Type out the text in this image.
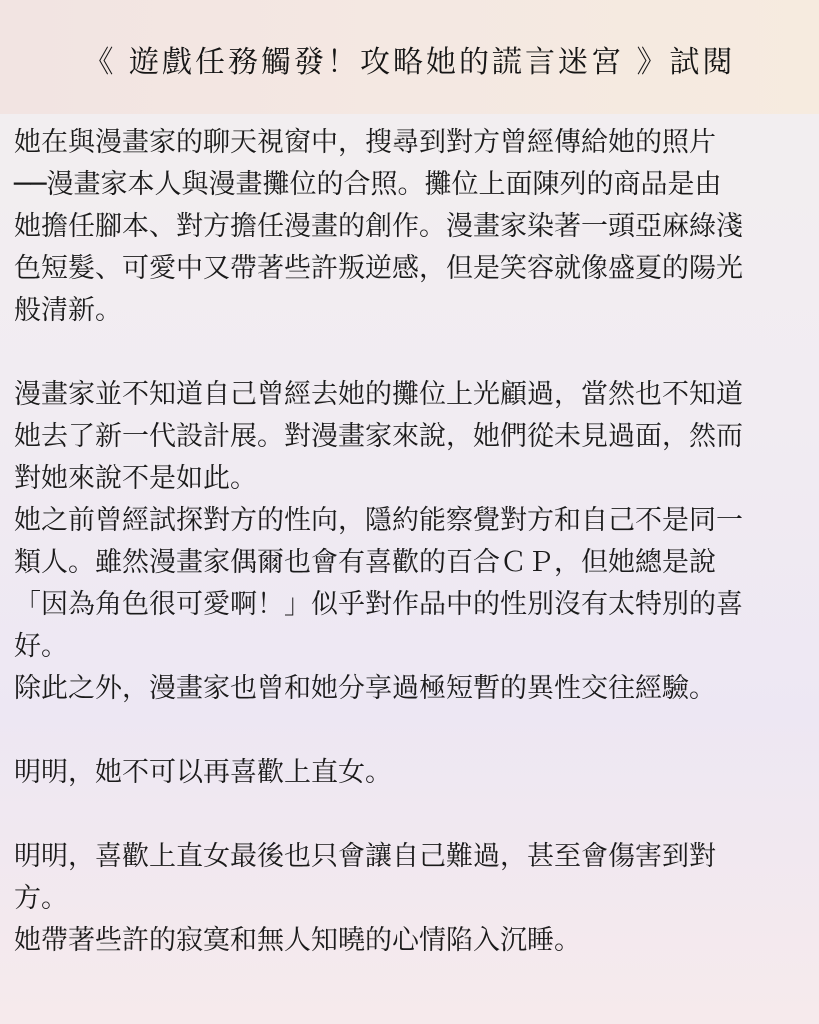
《 遊戲任務觸發！攻略她的謊言迷宮 》試閱
她在與漫畫家的聊天視窗中，搜尋到對方曾經傳給她的照片
──漫畫家本人與漫畫攤位的合照。攤位上面陳列的商品是由
她擔任腳本、對方擔任漫畫的創作。漫畫家染著一頭亞麻綠淺
色短髮、可愛中又帶著些許叛逆感，但是笑容就像盛夏的陽光
般清新。
漫畫家並不知道自己曾經去她的攤位上光顧過，當然也不知道
她去了新一代設計展。對漫畫家來說，她們從未見過面，然而
對她來說不是如此。
她之前曾經試探對方的性向，隱約能察覺對方和自己不是同一
類人。雖然漫畫家偶爾也會有喜歡的百合ＣＰ，但她總是說
「因為角色很可愛啊！」似乎對作品中的性別沒有太特別的喜
好。
除此之外，漫畫家也曾和她分享過極短暫的異性交往經驗。
明明，她不可以再喜歡上直女。
明明，喜歡上直女最後也只會讓自己難過，甚至會傷害到對
方。
她帶著些許的寂寞和無人知曉的心情陷入沉睡。
